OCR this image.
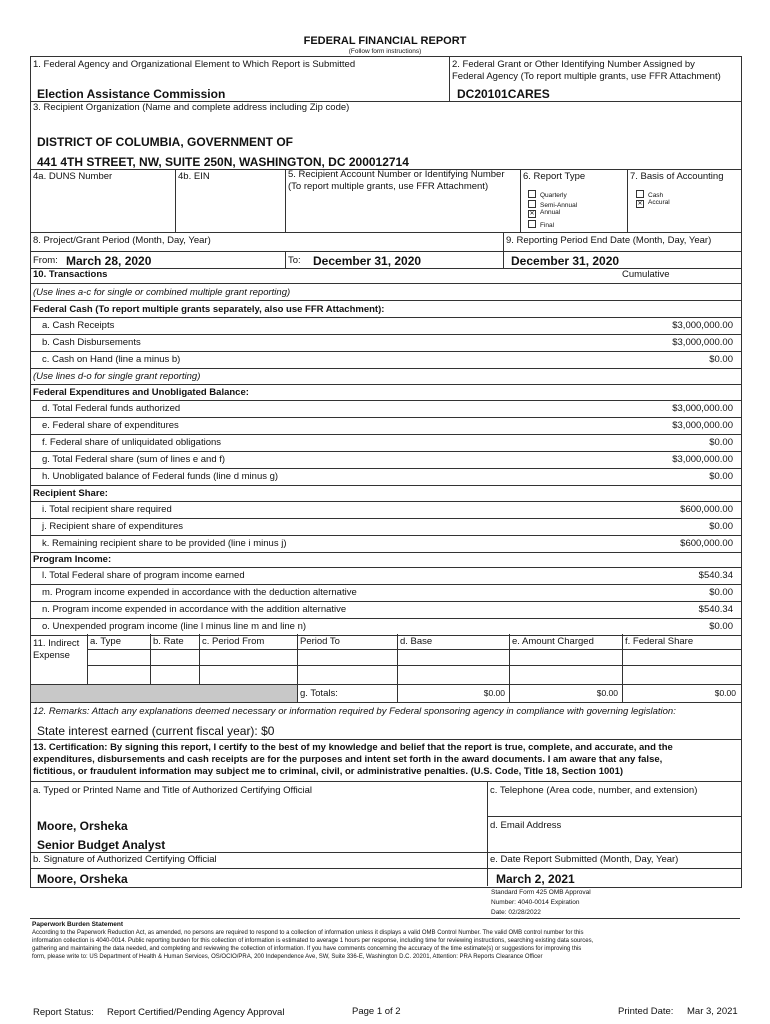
FEDERAL FINANCIAL REPORT
(Follow form instructions)
1. Federal Agency and Organizational Element to Which Report is Submitted
Election Assistance Commission
2. Federal Grant or Other Identifying Number Assigned by
Federal Agency (To report multiple grants, use FFR Attachment)
DC20101CARES
3. Recipient Organization (Name and complete address including Zip code)
DISTRICT OF COLUMBIA, GOVERNMENT OF
441 4TH STREET, NW, SUITE 250N, WASHINGTON, DC 200012714
4a. DUNS Number	4b. EIN	5. Recipient Account Number or Identifying Number
(To report multiple grants, use FFR Attachment)
6. Report Type	7. Basis of Accounting
Quarterly
Semi-Annual
✕ Annual
Final
Cash
✕ Accural
8. Project/Grant Period (Month, Day, Year)	9. Reporting Period End Date (Month, Day, Year)
From: March 28, 2020	To: December 31, 2020	December 31, 2020
10. Transactions	Cumulative
(Use lines a-c for single or combined multiple grant reporting)
Federal Cash (To report multiple grants separately, also use FFR Attachment):
a. Cash Receipts	$3,000,000.00
b. Cash Disbursements	$3,000,000.00
c. Cash on Hand (line a minus b)	$0.00
(Use lines d-o for single grant reporting)
Federal Expenditures and Unobligated Balance:
d. Total Federal funds authorized	$3,000,000.00
e. Federal share of expenditures	$3,000,000.00
f. Federal share of unliquidated obligations	$0.00
g. Total Federal share (sum of lines e and f)	$3,000,000.00
h. Unobligated balance of Federal funds (line d minus g)	$0.00
Recipient Share:
i. Total recipient share required	$600,000.00
j. Recipient share of expenditures	$0.00
k. Remaining recipient share to be provided (line i minus j)	$600,000.00
Program Income:
l. Total Federal share of program income earned	$540.34
m. Program income expended in accordance with the deduction alternative	$0.00
n. Program income expended in accordance with the addition alternative	$540.34
o. Unexpended program income (line l minus line m and line n)	$0.00
11. Indirect
Expense
a. Type	b. Rate c. Period From	Period To	d. Base	e. Amount Charged	f. Federal Share
g. Totals:	$0.00	$0.00	$0.00
12. Remarks: Attach any explanations deemed necessary or information required by Federal sponsoring agency in compliance with governing legislation:
State interest earned (current fiscal year): $0
13. Certification: By signing this report, I certify to the best of my knowledge and belief that the report is true, complete, and accurate, and the
expenditures, disbursements and cash receipts are for the purposes and intent set forth in the award documents. I am aware that any false,
fictitious, or fraudulent information may subject me to criminal, civil, or administrative penalties. (U.S. Code, Title 18, Section 1001)
a. Typed or Printed Name and Title of Authorized Certifying Official	c. Telephone (Area code, number, and extension)
d. Email Address
Moore, Orsheka
Senior Budget Analyst
b. Signature of Authorized Certifying Official	e. Date Report Submitted (Month, Day, Year)
Moore, Orsheka	March 2, 2021
Standard Form 425 OMB Approval
Number: 4040-0014 Expiration
Date: 02/28/2022
Paperwork Burden Statement
According to the Paperwork Reduction Act, as amended, no persons are required to respond to a collection of information unless it displays a valid OMB Control Number. The valid OMB control number for this
information collection is 4040-0014. Public reporting burden for this collection of information is estimated to average 1 hours per response, including time for reviewing instructions, searching existing data sources,
gathering and maintaining the data needed, and completing and reviewing the collection of information. If you have comments concerning the accuracy of the time estimate(s) or suggestions for improving this
form, please write to: US Department of Health & Human Services, OS/OCIO/PRA, 200 Independence Ave, SW, Suite 336-E, Washington D.C. 20201, Attention: PRA Reports Clearance Officer
Report Status: Report Certified/Pending Agency Approval	Page 1 of 2	Printed Date: Mar 3, 2021
